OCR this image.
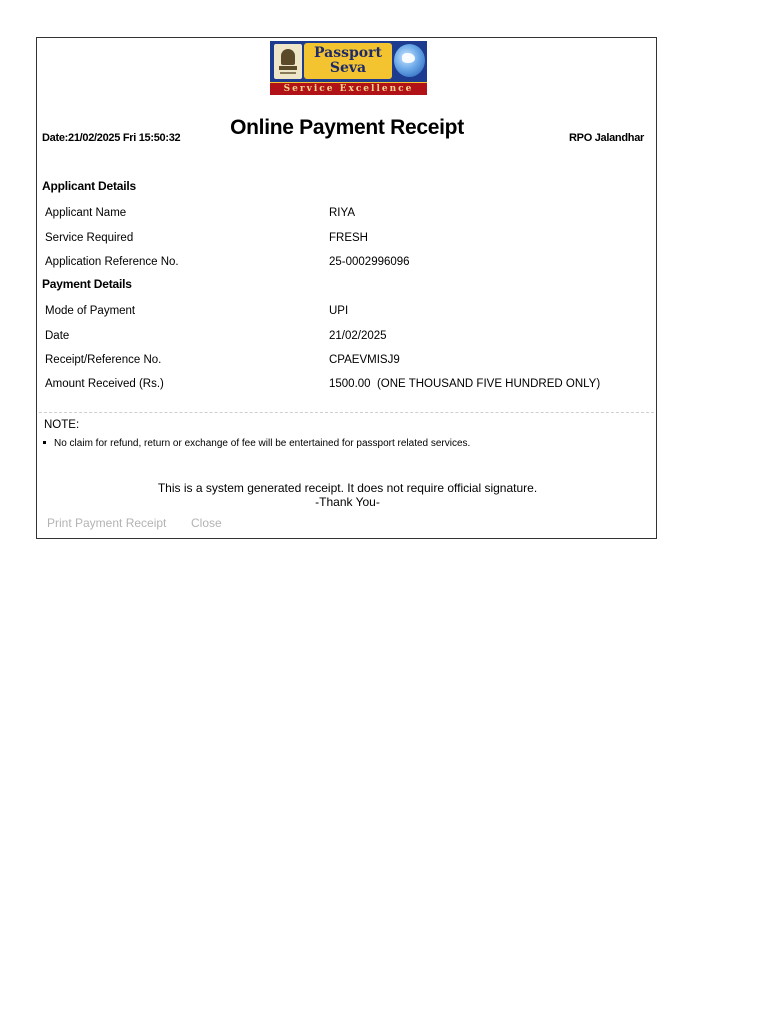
Passport
Seva
Service Excellence
Date:21/02/2025 Fri 15:50:32	Online Payment Receipt	RPO Jalandhar
Applicant Details
Applicant Name	RIYA
Service Required	FRESH
Application Reference No.	25-0002996096
Payment Details
Mode of Payment	UPI
Date	21/02/2025
Receipt/Reference No.	CPAEVMISJ9
Amount Received (Rs.)	1500.00  (ONE THOUSAND FIVE HUNDRED ONLY)
NOTE:
No claim for refund, return or exchange of fee will be entertained for passport related services.
This is a system generated receipt. It does not require official signature.
-Thank You-
Print Payment Receipt Close
